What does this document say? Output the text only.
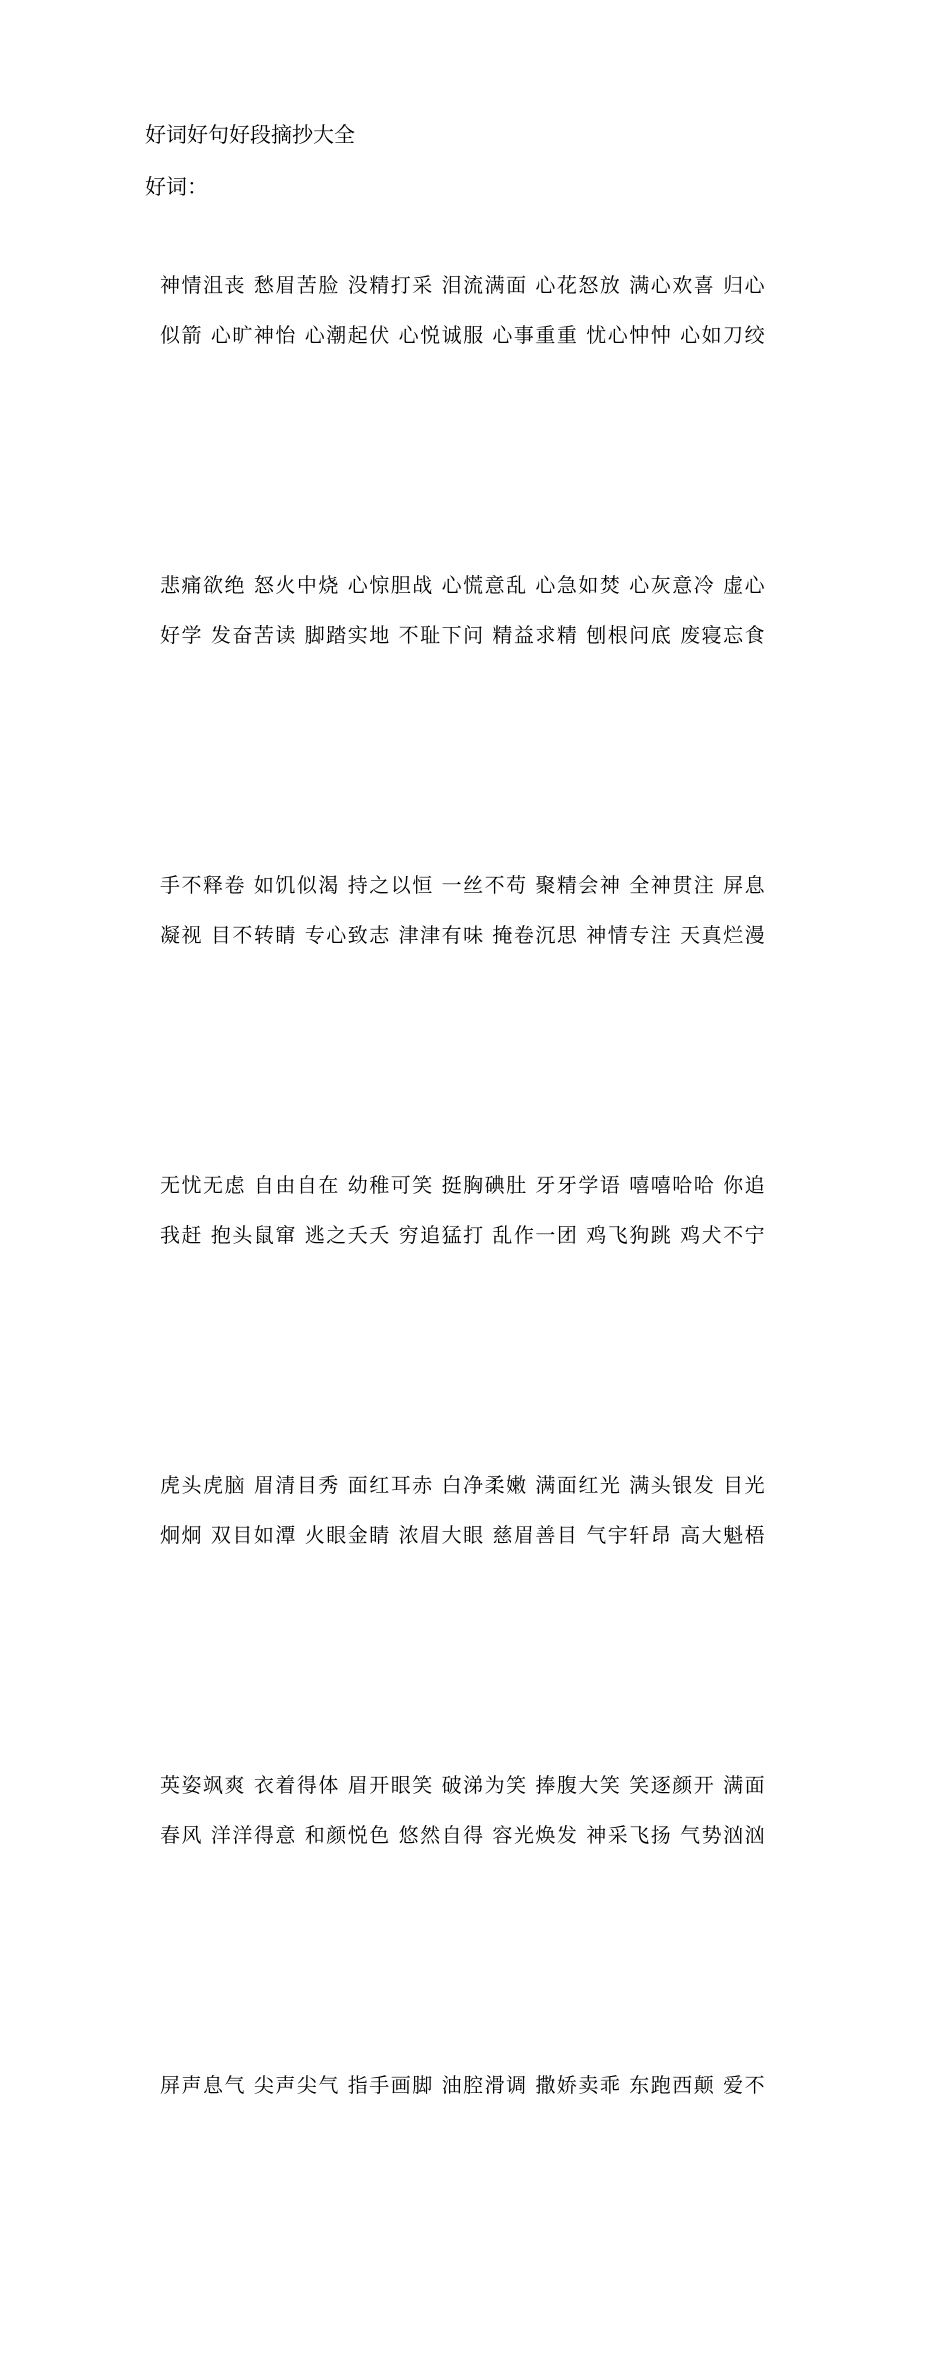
好词好句好段摘抄大全
好词：
神情沮丧 愁眉苦脸 没精打采 泪流满面 心花怒放 满心欢喜 归心
似箭 心旷神怡 心潮起伏 心悦诚服 心事重重 忧心忡忡 心如刀绞
悲痛欲绝 怒火中烧 心惊胆战 心慌意乱 心急如焚 心灰意冷 虚心
好学 发奋苦读 脚踏实地 不耻下问 精益求精 刨根问底 废寝忘食
手不释卷 如饥似渴 持之以恒 一丝不苟 聚精会神 全神贯注 屏息
凝视 目不转睛 专心致志 津津有味 掩卷沉思 神情专注 天真烂漫
无忧无虑 自由自在 幼稚可笑 挺胸碘肚 牙牙学语 嘻嘻哈哈 你追
我赶 抱头鼠窜 逃之夭夭 穷追猛打 乱作一团 鸡飞狗跳 鸡犬不宁
虎头虎脑 眉清目秀 面红耳赤 白净柔嫩 满面红光 满头银发 目光
炯炯 双目如潭 火眼金睛 浓眉大眼 慈眉善目 气宇轩昂 高大魁梧
英姿飒爽 衣着得体 眉开眼笑 破涕为笑 捧腹大笑 笑逐颜开 满面
春风 洋洋得意 和颜悦色 悠然自得 容光焕发 神采飞扬 气势汹汹
屏声息气 尖声尖气 指手画脚 油腔滑调 撒娇卖乖 东跑西颠 爱不
